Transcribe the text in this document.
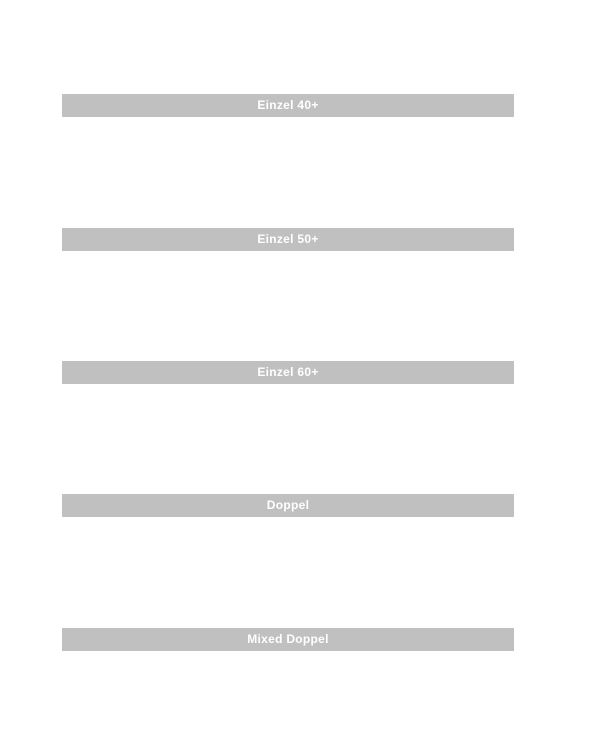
Einzel 40+
Einzel 50+
Einzel 60+
Doppel
Mixed Doppel
